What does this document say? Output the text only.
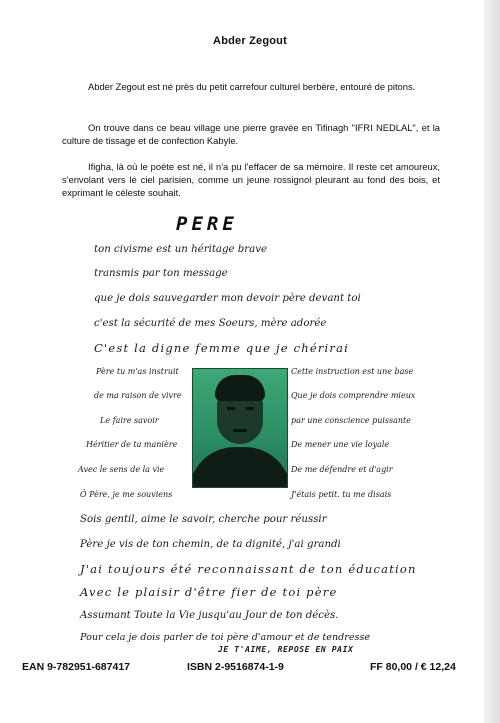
Abder Zegout

Abder Zegout est né près du petit carrefour culturel berbère, entouré de pitons.

On trouve dans ce beau village une pierre gravée en Tifinagh "IFRI NEDLAL", et la culture de tissage et de confection Kabyle.

Ifigha, là où le poète est né, il n'a pu l'effacer de sa mémoire. Il reste cet amoureux, s'envolant vers le ciel parisien, comme un jeune rossignol pleurant au fond des bois, et exprimant le céleste souhait.

PERE
ton civisme est un héritage brave
transmis par ton message
que je dois sauvegarder mon devoir père devant toi
c'est la sécurité de mes Soeurs, mère adorée
C'est la digne femme que je chérirai
Père tu m'as instruit	Cette instruction est une base
de ma raison de vivre	Que je dois comprendre mieux
Le faire savoir	par une conscience puissante
Héritier de ta manière	De mener une vie loyale
Avec le sens de la vie	De me défendre et d'agir
Ô Père, je me souviens	J'étais petit. tu me disais
Sois gentil, aime le savoir, cherche pour réussir
Père je vis de ton chemin, de ta dignité, j'ai grandi
J'ai toujours été reconnaissant de ton éducation
Avec le plaisir d'être fier de toi père
Assumant Toute la Vie jusqu'au Jour de ton décès.
Pour cela je dois parler de toi père d'amour et de tendresse
JE T'AIME, REPOSE EN PAIX
EAN 9-782951-687417	ISBN 2-9516874-1-9	FF 80,00 / € 12,24
